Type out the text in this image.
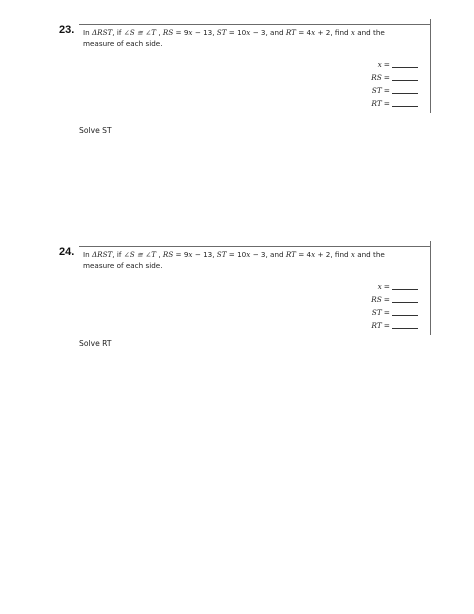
23. In ΔRST, if ∠S ≅ ∠T , RS = 9x − 13, ST = 10x − 3, and RT = 4x + 2, find x and the measure of each side.
x =
RS =
ST =
RT =
Solve ST
24. In ΔRST, if ∠S ≅ ∠T , RS = 9x − 13, ST = 10x − 3, and RT = 4x + 2, find x and the measure of each side.
x =
RS =
ST =
RT =
Solve RT
